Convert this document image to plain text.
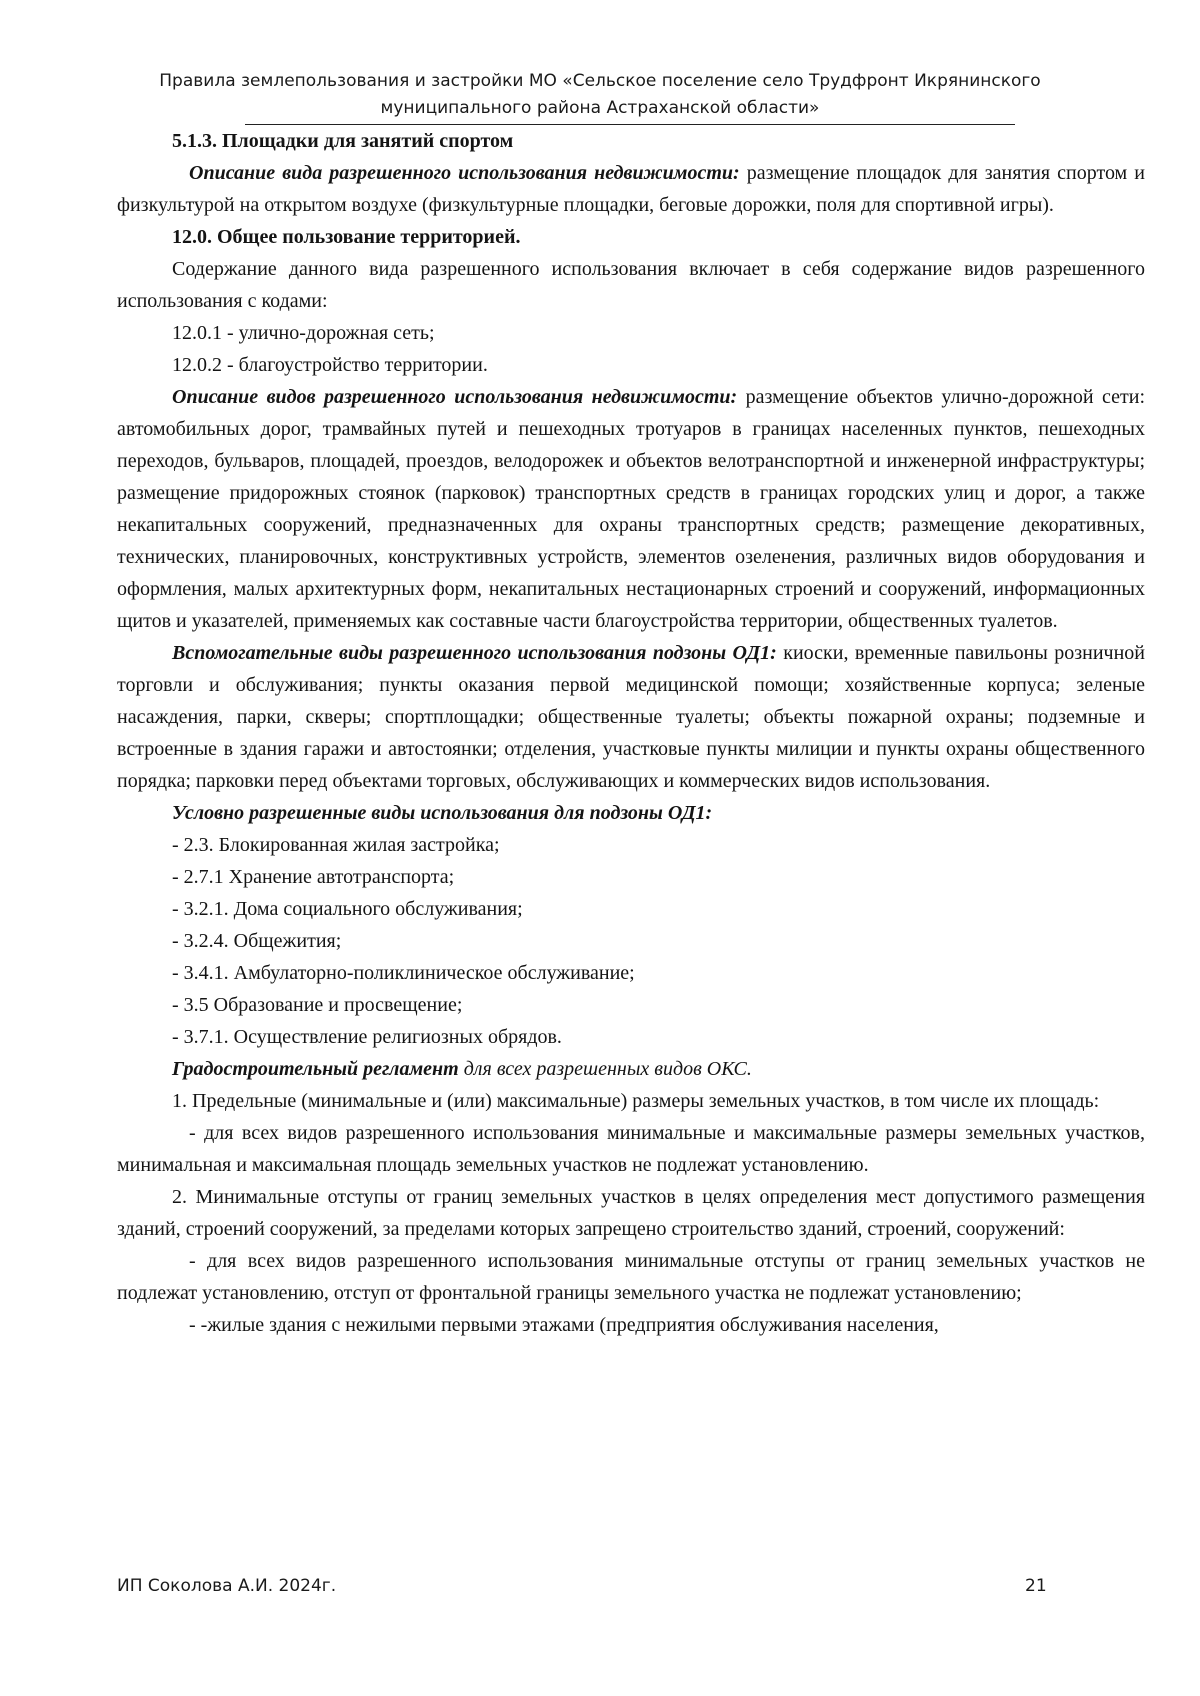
Правила землепользования и застройки МО «Сельское поселение село Трудфронт Икрянинского
муниципального района Астраханской области»

5.1.3. Площадки для занятий спортом

Описание вида разрешенного использования недвижимости: размещение площадок для занятия спортом и физкультурой на открытом воздухе (физкультурные площадки, беговые дорожки, поля для спортивной игры).

12.0. Общее пользование территорией.

Содержание данного вида разрешенного использования включает в себя содержание видов разрешенного использования с кодами:

12.0.1 - улично-дорожная сеть;

12.0.2 - благоустройство территории.

Описание видов разрешенного использования недвижимости: размещение объектов улично-дорожной сети: автомобильных дорог, трамвайных путей и пешеходных тротуаров в границах населенных пунктов, пешеходных переходов, бульваров, площадей, проездов, велодорожек и объектов велотранспортной и инженерной инфраструктуры; размещение придорожных стоянок (парковок) транспортных средств в границах городских улиц и дорог, а также некапитальных сооружений, предназначенных для охраны транспортных средств; размещение декоративных, технических, планировочных, конструктивных устройств, элементов озеленения, различных видов оборудования и оформления, малых архитектурных форм, некапитальных нестационарных строений и сооружений, информационных щитов и указателей, применяемых как составные части благоустройства территории, общественных туалетов.

Вспомогательные виды разрешенного использования подзоны ОД1: киоски, временные павильоны розничной торговли и обслуживания; пункты оказания первой медицинской помощи; хозяйственные корпуса; зеленые насаждения, парки, скверы; спортплощадки; общественные туалеты; объекты пожарной охраны; подземные и встроенные в здания гаражи и автостоянки; отделения, участковые пункты милиции и пункты охраны общественного порядка; парковки перед объектами торговых, обслуживающих и коммерческих видов использования.

Условно разрешенные виды использования для подзоны ОД1:

- 2.3. Блокированная жилая застройка;

- 2.7.1 Хранение автотранспорта;

- 3.2.1. Дома социального обслуживания;

- 3.2.4. Общежития;

- 3.4.1. Амбулаторно-поликлиническое обслуживание;

- 3.5 Образование и просвещение;

- 3.7.1. Осуществление религиозных обрядов.

Градостроительный регламент для всех разрешенных видов ОКС.

1. Предельные (минимальные и (или) максимальные) размеры земельных участков, в том числе их площадь:

- для всех видов разрешенного использования минимальные и максимальные размеры земельных участков, минимальная и максимальная площадь земельных участков не подлежат установлению.

2. Минимальные отступы от границ земельных участков в целях определения мест допустимого размещения зданий, строений сооружений, за пределами которых запрещено строительство зданий, строений, сооружений:

- для всех видов разрешенного использования минимальные отступы от границ земельных участков не подлежат установлению, отступ от фронтальной границы земельного участка не подлежат установлению;

- -жилые здания с нежилыми первыми этажами (предприятия обслуживания населения,

ИП Соколова А.И. 2024г.	21
